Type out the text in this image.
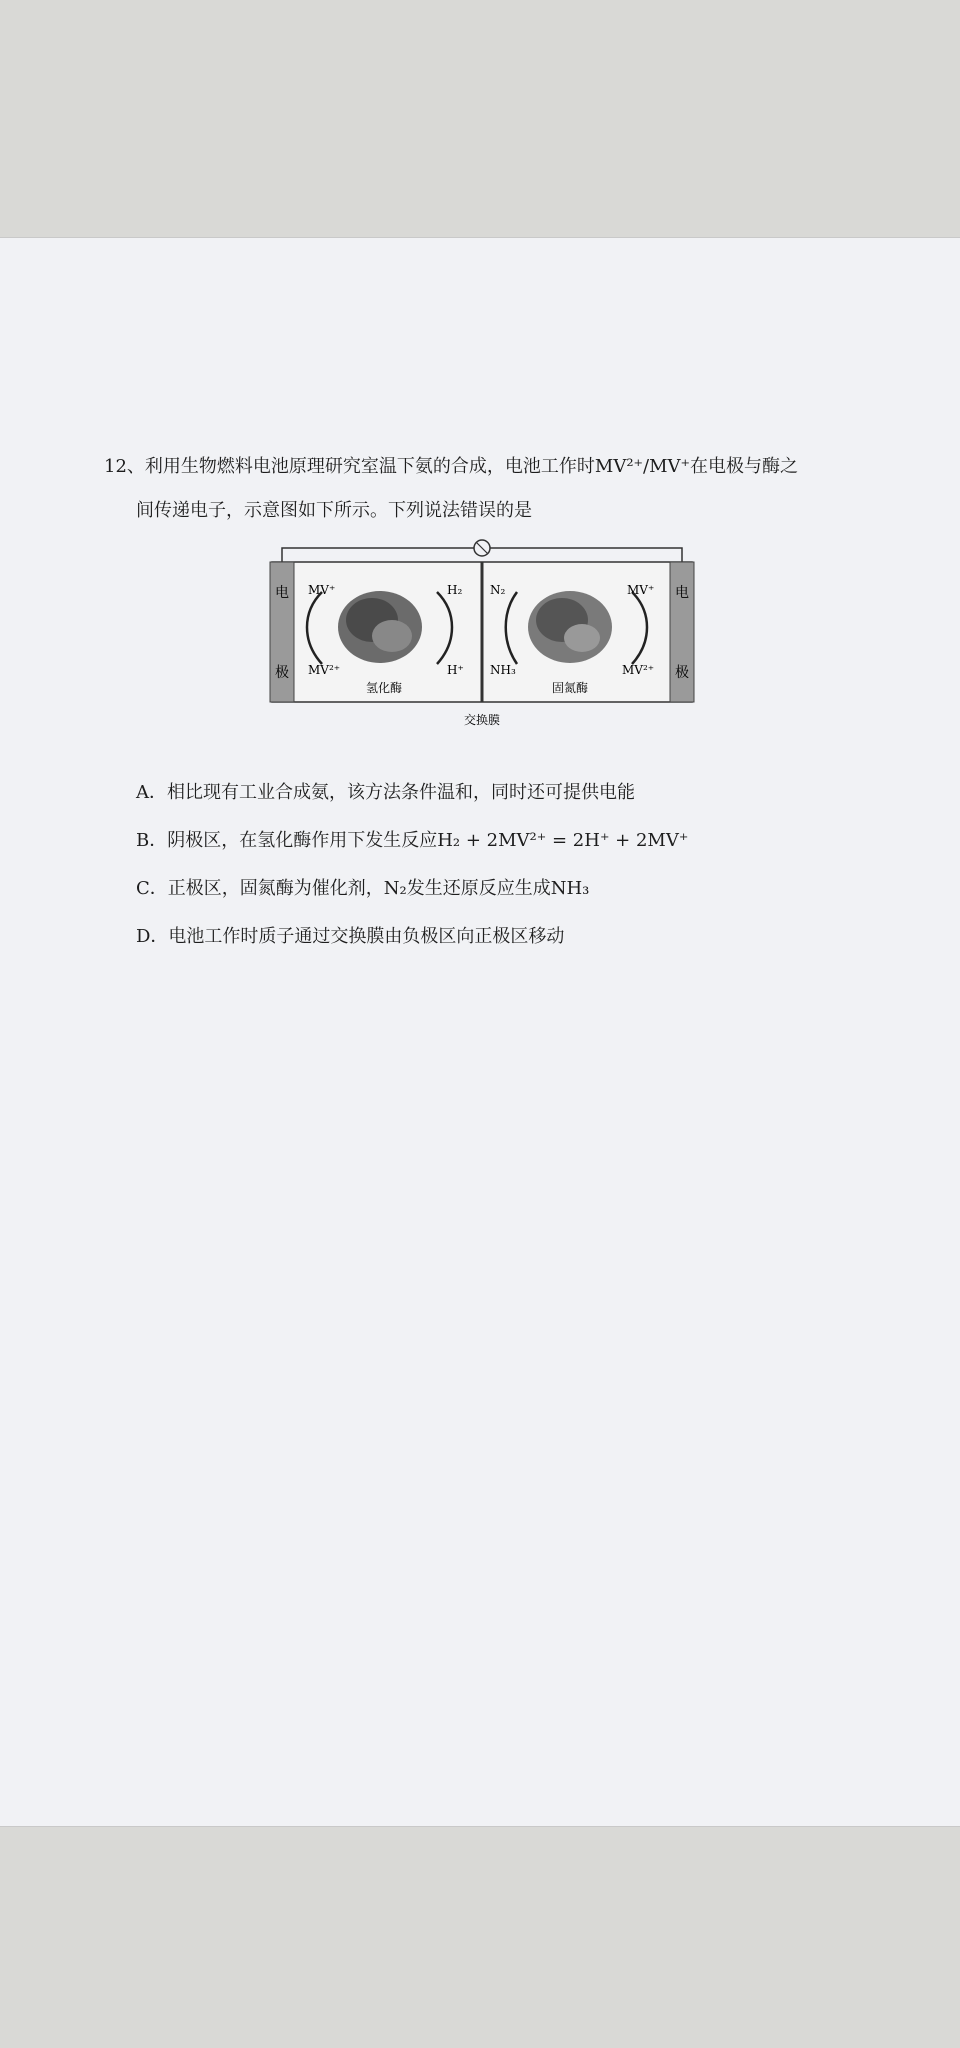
12、利用生物燃料电池原理研究室温下氨的合成，电池工作时MV²⁺/MV⁺在电极与酶之
间传递电子，示意图如下所示。下列说法错误的是
电
极
电
极
MV⁺
MV²⁺
H₂
H⁺
氢化酶
N₂
NH₃
MV⁺
MV²⁺
固氮酶
交换膜
A．相比现有工业合成氨，该方法条件温和，同时还可提供电能
B．阴极区，在氢化酶作用下发生反应H₂ + 2MV²⁺ = 2H⁺ + 2MV⁺
C．正极区，固氮酶为催化剂，N₂发生还原反应生成NH₃
D．电池工作时质子通过交换膜由负极区向正极区移动
